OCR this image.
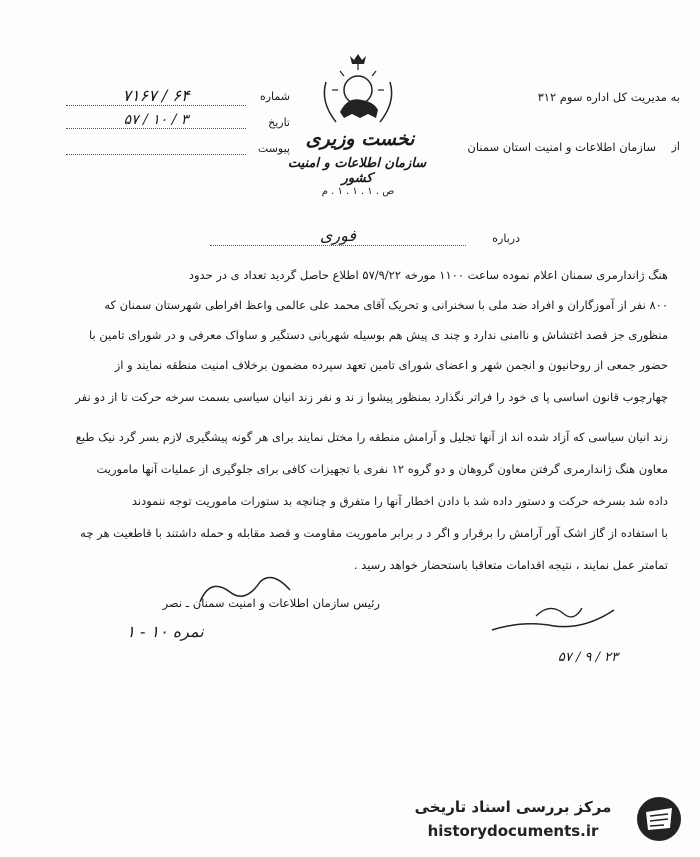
نخست وزیری
سازمان اطلاعات و امنیت کشور
ص . ۱ . ۱ . ۱ . م
شماره
۷۱۶۷ / ۶۴
تاریخ
۵۷ / ۱۰ / ۳
پیوست
به مدیریت کل اداره سوم ۳۱۲
از
سازمان اطلاعات و امنیت استان سمنان
درباره
فوری
هنگ ژاندارمری سمنان اعلام نموده ساعت ۱۱۰۰ مورخه ۵۷/۹/۲۲ اطلاع حاصل گردید تعداد ی در حدود
۸۰۰ نفر از آموزگاران و افراد ضد ملی با سخنرانی و تحریک آقای محمد علی عالمی واعظ افراطی شهرستان سمنان که
منظوری جز قصد اغتشاش و ناامنی ندارد و چند ی پیش هم بوسیله شهربانی دستگیر و ساواک معرفی و در شورای تامین با
حضور جمعی از روحانیون و انجمن شهر و اعضای شورای تامین تعهد سپرده مضمون برخلاف امنیت منطقه نمایند و از
چهارچوب قانون اساسی پا ی خود را فراتر نگذارد بمنظور پیشوا ز ند و نفر زند انیان سیاسی بسمت سرخه حرکت تا از دو نفر
زند انیان سیاسی که آزاد شده اند از آنها تجلیل و آرامش منطقه را مختل نمایند برای هر گونه پیشگیری لازم بسر گرد نیک طبع
معاون هنگ ژاندارمری گرفتن معاون گروهان و دو گروه ۱۲ نفری با تجهیزات کافی برای جلوگیری از عملیات آنها ماموریت
داده شد بسرخه حرکت و دستور داده شد با دادن اخطار آنها را متفرق و چنانچه بد ستورات ماموریت توجه ننمودند
با استفاده از گاز اشک آور آرامش را برقرار و اگر د ر برابر ماموریت مقاومت و قصد مقابله و حمله داشتند با قاطعیت هر چه
تمامتر عمل نمایند ، نتیجه اقدامات متعاقبا باستحضار خواهد رسید .
رئیس سازمان اطلاعات و امنیت سمنان ـ نصر
نمره ۱۰ - ۱
۵۷ / ۹ / ۲۳
مرکز بررسی اسناد تاریخی
historydocuments.ir
